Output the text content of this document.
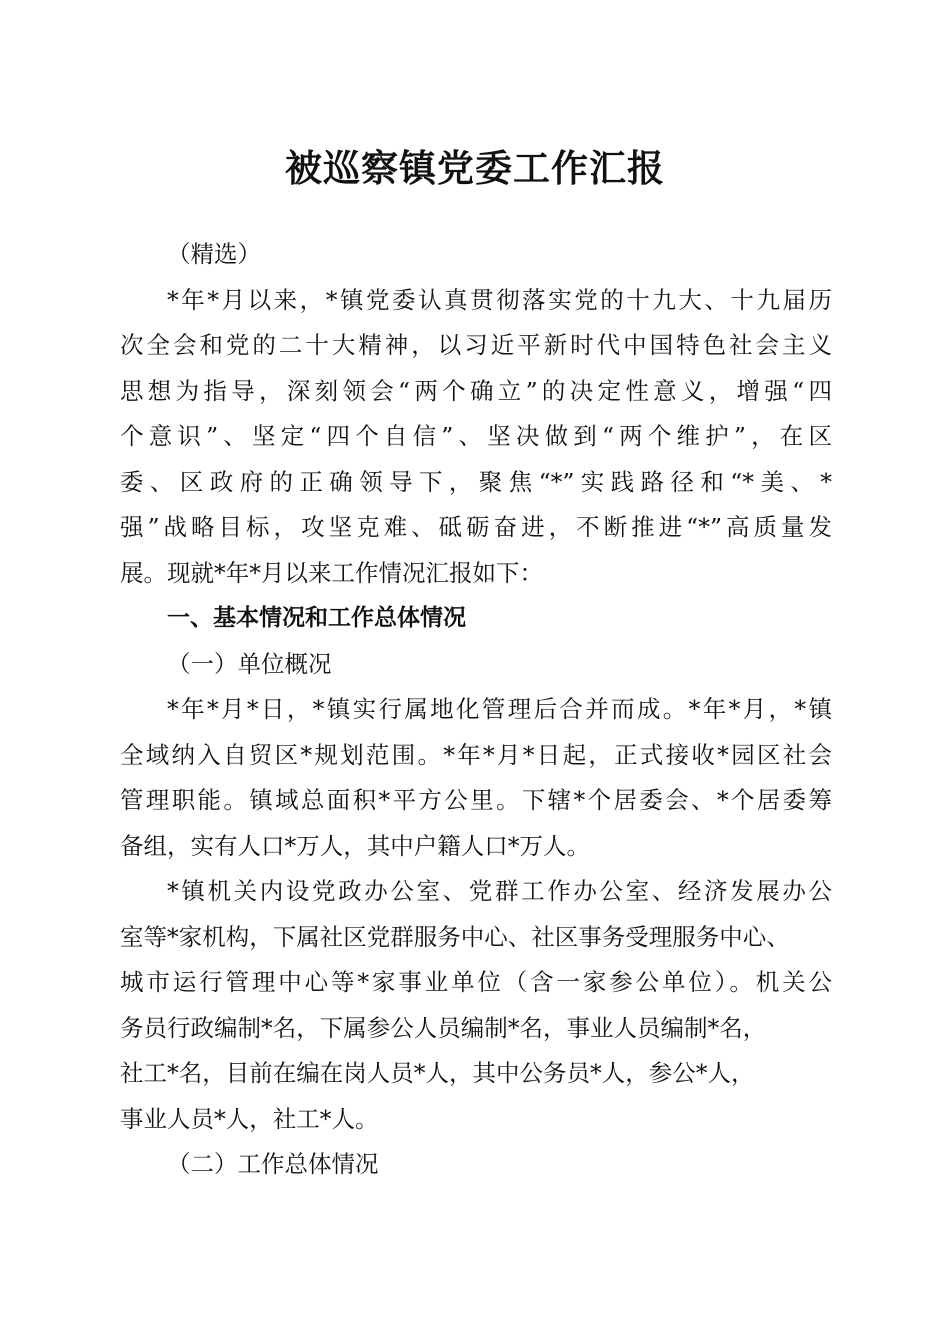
被巡察镇党委工作汇报
（精选）
*年*月以来，*镇党委认真贯彻落实党的十九大、十九届历
次全会和党的二十大精神，以习近平新时代中国特色社会主义
思想为指导，深刻领会“两个确立”的决定性意义，增强“四
个意识”、坚定“四个自信”、坚决做到“两个维护”，在区
委、区政府的正确领导下，聚焦“*”实践路径和“*美、*
强”战略目标，攻坚克难、砥砺奋进，不断推进“*”高质量发
展。现就*年*月以来工作情况汇报如下：
一、基本情况和工作总体情况
（一）单位概况
*年*月*日，*镇实行属地化管理后合并而成。*年*月，*镇
全域纳入自贸区*规划范围。*年*月*日起，正式接收*园区社会
管理职能。镇域总面积*平方公里。下辖*个居委会、*个居委筹
备组，实有人口*万人，其中户籍人口*万人。
*镇机关内设党政办公室、党群工作办公室、经济发展办公
室等*家机构，下属社区党群服务中心、社区事务受理服务中心、
城市运行管理中心等*家事业单位（含一家参公单位）。机关公
务员行政编制*名，下属参公人员编制*名，事业人员编制*名，
社工*名，目前在编在岗人员*人，其中公务员*人，参公*人，
事业人员*人，社工*人。
（二）工作总体情况
